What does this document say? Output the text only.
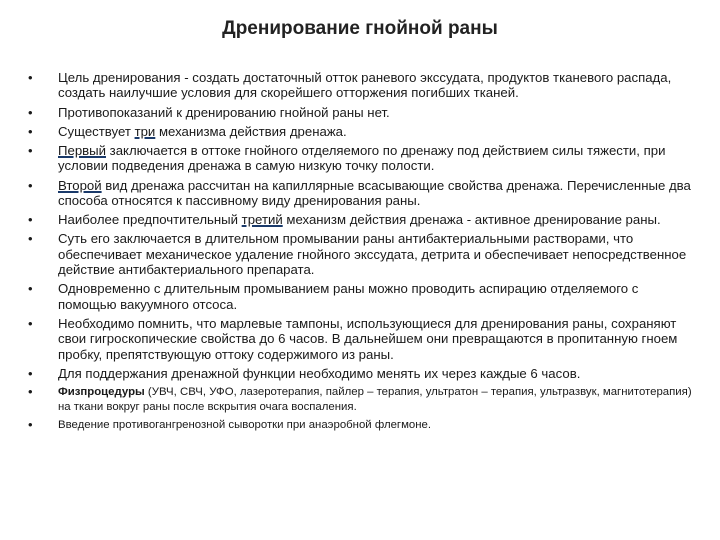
Дренирование гнойной раны
•	Цель дренирования - создать достаточный отток раневого экссудата, продуктов тканевого распада, создать наилучшие условия для скорейшего отторжения погибших тканей.
•	Противопоказаний к дренированию гнойной раны нет.
•	Существует три механизма действия дренажа.
•	Первый заключается в оттоке гнойного отделяемого по дренажу под действием силы тяжести, при условии подведения дренажа в самую низкую точку полости.
•	Второй вид дренажа рассчитан на капиллярные всасывающие свойства дренажа. Перечисленные два способа относятся к пассивному виду дренирования раны.
•	Наиболее предпочтительный третий механизм действия дренажа - активное дренирование раны.
•	Суть его заключается в длительном промывании раны антибактериальными растворами, что обеспечивает механическое удаление гнойного экссудата, детрита и обеспечивает непосредственное действие антибактериального препарата.
•	Одновременно с длительным промыванием раны можно проводить аспирацию отделяемого с помощью вакуумного отсоса.
•	Необходимо помнить, что марлевые тампоны, использующиеся для дренирования раны, сохраняют свои гигроскопические свойства до 6 часов. В дальнейшем они превращаются в пропитанную гноем пробку, препятствующую оттоку содержимого из раны.
•	Для поддержания дренажной функции необходимо менять их через каждые 6 часов.
•	Физпроцедуры (УВЧ, СВЧ, УФО, лазеротерапия, пайлер – терапия, ультратон – терапия, ультразвук, магнитотерапия) на ткани вокруг раны после вскрытия очага воспаления.
•	Введение противогангренозной сыворотки при анаэробной флегмоне.
